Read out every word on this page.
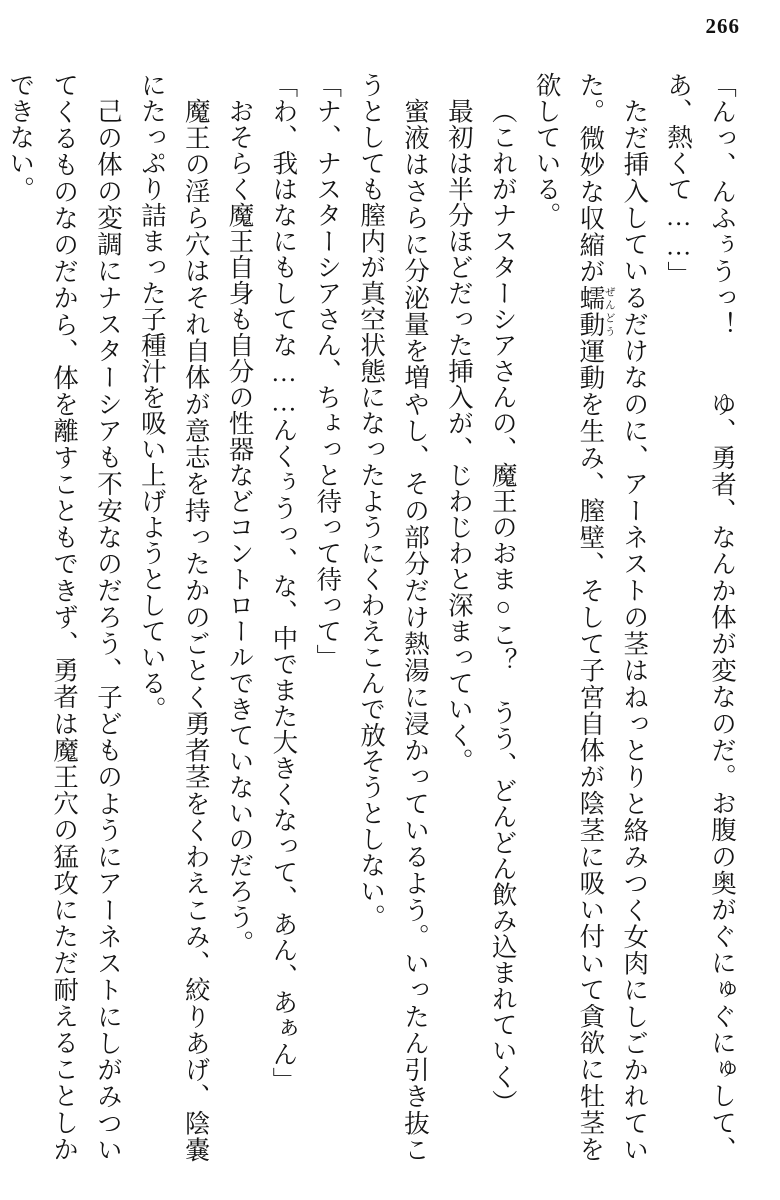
266

「んっ、んふぅうっ！　　ゆ、勇者、なんか体が変なのだ。お腹の奥がぐにゅぐにゅして、あ、熱くて……」

ただ挿入しているだけなのに、アーネストの茎はねっとりと絡みつく女肉にしごかれていた。微妙な収縮が蠕動ぜんどう運動を生み、膣壁、そして子宮自体が陰茎に吸い付いて貪欲に牡茎を欲している。

（これがナスターシアさんの、魔王のおま○こ？　うう、どんどん飲み込まれていく）

最初は半分ほどだった挿入が、じわじわと深まっていく。

蜜液はさらに分泌量を増やし、その部分だけ熱湯に浸かっているよう。いったん引き抜こうとしても膣内が真空状態になったようにくわえこんで放そうとしない。

「ナ、ナスターシアさん、ちょっと待って待って」

「わ、我はなにもしてな……んくぅうっ、な、中でまた大きくなって、あん、あぁん」

おそらく魔王自身も自分の性器などコントロールできていないのだろう。

魔王の淫ら穴はそれ自体が意志を持ったかのごとく勇者茎をくわえこみ、絞りあげ、陰嚢にたっぷり詰まった子種汁を吸い上げようとしている。

己の体の変調にナスターシアも不安なのだろう、子どものようにアーネストにしがみついてくるものなのだから、体を離すこともできず、勇者は魔王穴の猛攻にただ耐えることしかできない。
